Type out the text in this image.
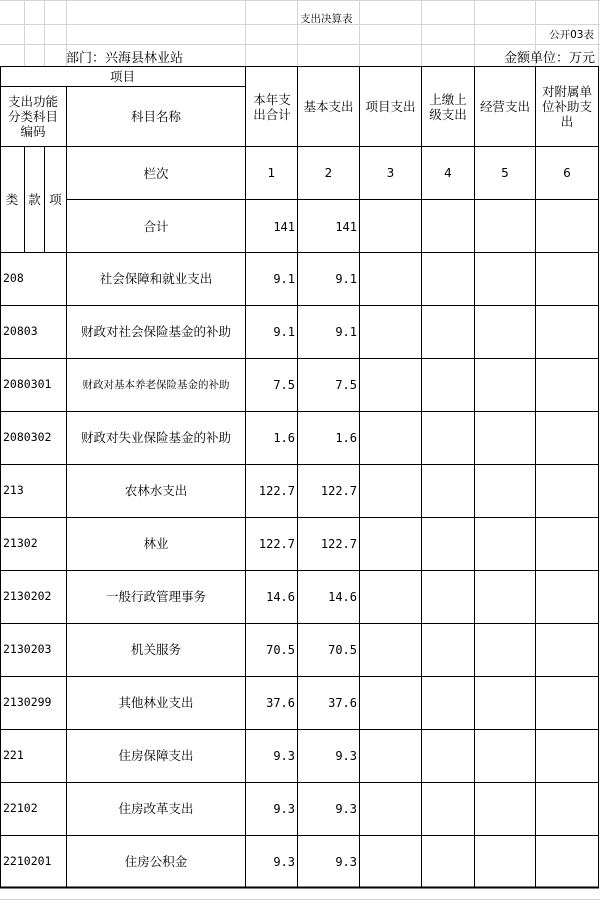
支出决算表
公开03表
部门：兴海县林业站	金额单位：万元
项目
支出功能分类科目编码
科目名称
本年支出合计	基本支出 项目支出	上缴上级支出	经营支出
对附属单位补助支出
类 款 项
栏次	1	2	3	4	5	6
合计	141	141
208	社会保障和就业支出	9.1	9.1
20803	财政对社会保险基金的补助	9.1	9.1
2080301	财政对基本养老保险基金的补助	7.5	7.5
2080302	财政对失业保险基金的补助	1.6	1.6
213	农林水支出	122.7	122.7
21302	林业	122.7	122.7
2130202	一般行政管理事务	14.6	14.6
2130203	机关服务	70.5	70.5
2130299	其他林业支出	37.6	37.6
221	住房保障支出	9.3	9.3
22102	住房改革支出	9.3	9.3
2210201	住房公积金	9.3	9.3
